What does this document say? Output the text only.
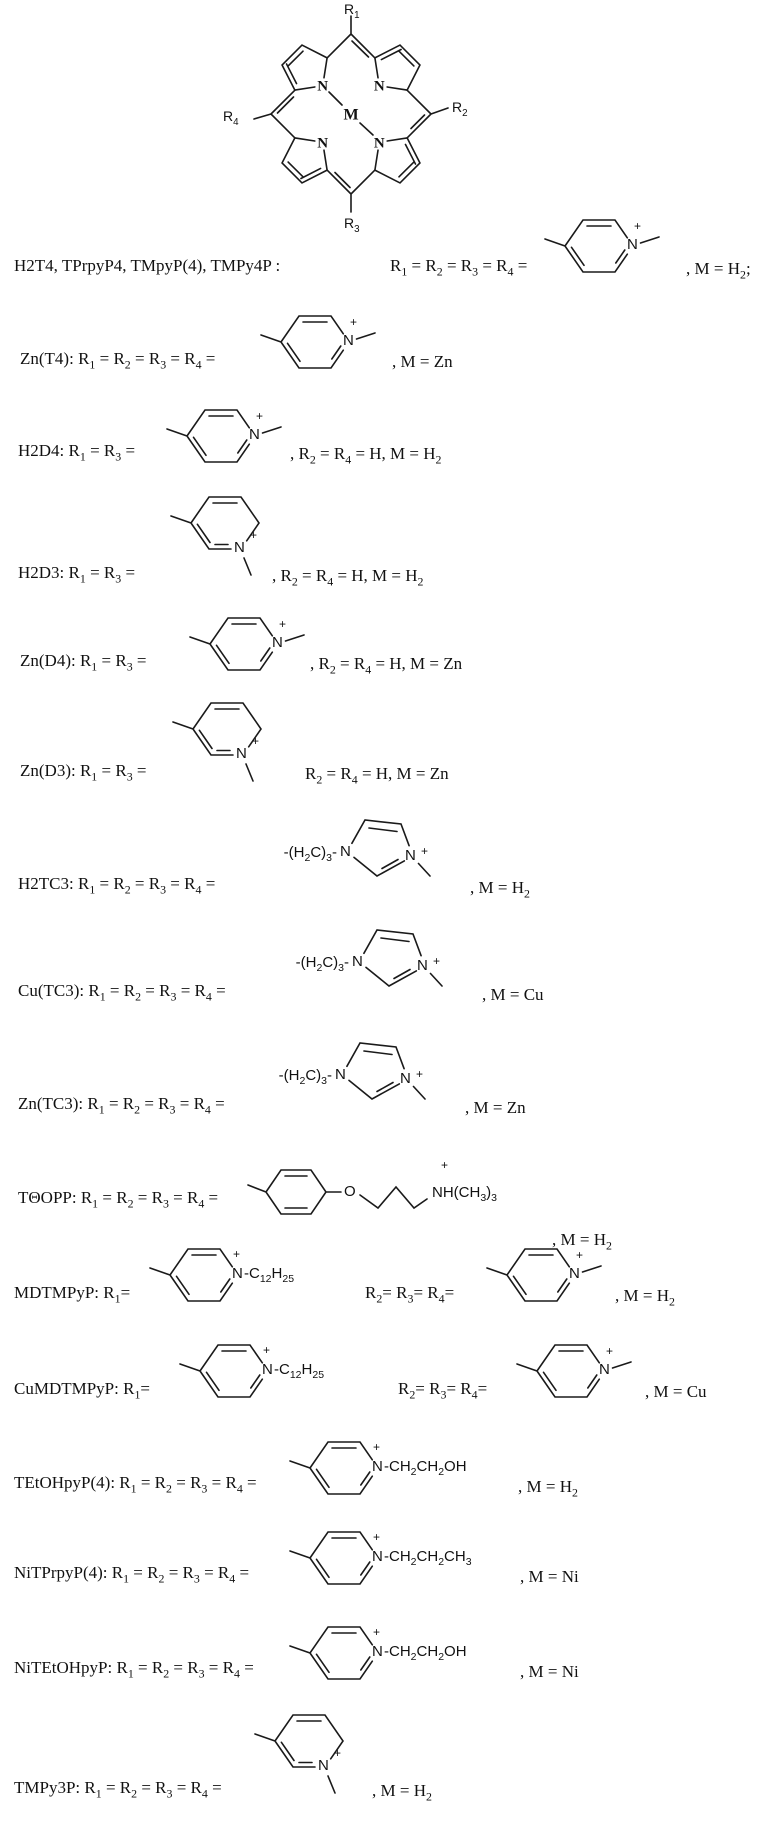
N	N
N	N
M
$R_1$
$R_2$
$R_3$
$R_4$
H2T4, TPrpyP4, TMpyP(4), TMPy4P :	$R_1 = R_2 = R_3 = R_4$ =
N
+
, $M = H_2$;
Zn(T4): $R_1 = R_2 = R_3 = R_4$ =
N
+
, M = Zn
H2D4: $R_1 = R_3$ =
N
+
, $R_2 = R_4 = H$, $M = H_2$
H2D3: $R_1 = R_3$ =
N
+
, $R_2 = R_4 = H$, $M = H_2$
Zn(D4): $R_1 = R_3$ =
N
+
, $R_2 = R_4 = H$, M = Zn
Zn(D3): $R_1 = R_3$ =
N
+
$R_2 = R_4 = H$, M = Zn
H2TC3: $R_1 = R_2 = R_3 = R_4$ =
$-(H_2C)_3-$ N	N +
, $M = H_2$
Cu(TC3): $R_1 = R_2 = R_3 = R_4$ =
$-(H_2C)_3-$ N	N +
, M = Cu
Zn(TC3): $R_1 = R_2 = R_3 = R_4$ =
$-(H_2C)_3-$ N	N +
, M = Zn
TΘOPP: $R_1 = R_2 = R_3 = R_4$ =	O	$NH(CH_3)_3$
+
, $M = H_2$
MDTMPyP: $R_1=$
N
+
$-C_{12}H_{25}$
$R_2= R_3= R_4=$
N
+
, $M = H_2$
CuMDTMPyP: $R_1=$
N
+
$-C_{12}H_{25}$
$R_2= R_3= R_4=$
N
+
, M = Cu
TEtOHpyP(4): $R_1 = R_2 = R_3 = R_4$ =
N
+
$-CH_2CH_2OH$
, $M = H_2$
NiTPrpyP(4): $R_1 = R_2 = R_3 = R_4$ =
N
+
$-CH_2CH_2CH_3$
, M = Ni
NiTEtOHpyP: $R_1 = R_2 = R_3 = R_4$ =
N
+
$-CH_2CH_2OH$
, M = Ni
TMPy3P: $R_1 = R_2 = R_3 = R_4$ =
N
+
, $M = H_2$
